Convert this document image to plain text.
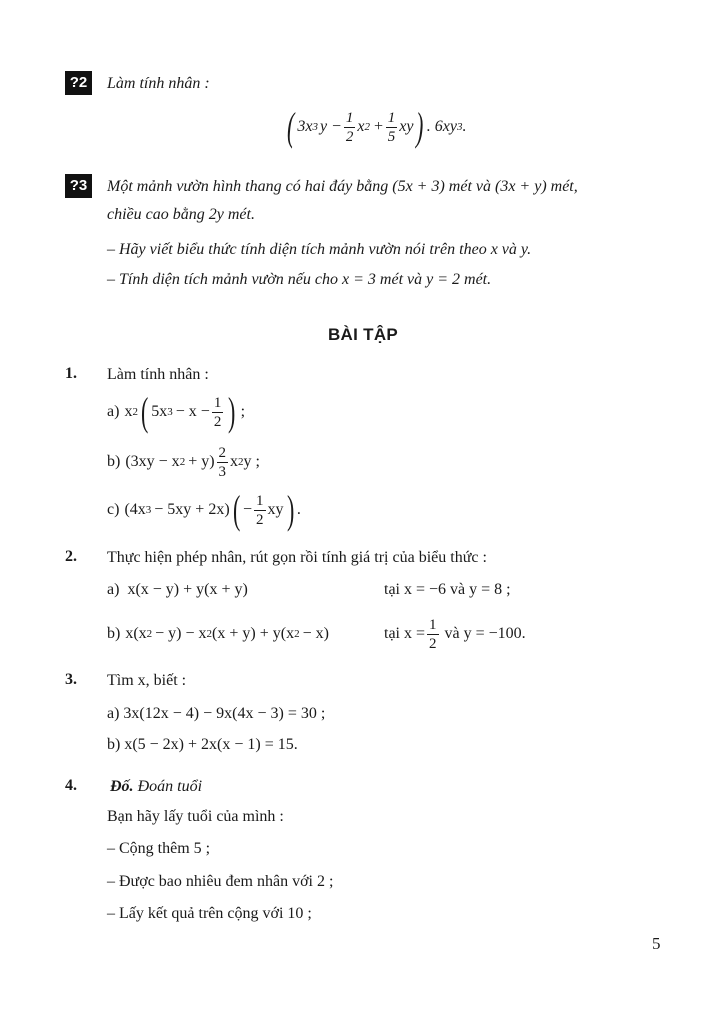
?2 Làm tính nhân :
( 3x 3 $y - \frac{1}{2}$ x $2 + \frac{1}{5}$ xy ) . 6xy 3 .
?3 Một mảnh vườn hình thang có hai đáy bằng (5x + 3) mét và (3x + y) mét,
chiều cao bằng 2y mét.
– Hãy viết biểu thức tính diện tích mảnh vườn nói trên theo x và y.
– Tính diện tích mảnh vườn nếu cho x = 3 mét và y = 2 mét.
BÀI TẬP
1. Làm tính nhân :
a) x 2 ( 5x $3 - x - \frac{1}{2}$ ) ;
b) (3xy − x $2 + y) \frac{2}{3}$ x 2 y ;
c) (4x 3 − 5xy + 2x) ( − $\frac{1}{2}$ xy ) .
2. Thực hiện phép nhân, rút gọn rồi tính giá trị của biểu thức :
a) x(x − y) + y(x + y)	tại x = −6 và y = 8 ;
b) x(x 2 − y) − x 2 (x + y) + y(x 2 − x)	tại $x = \frac{1}{2}$ và y = −100.
3. Tìm x, biết :
a) 3x(12x − 4) − 9x(4x − 3) = 30 ;
b) x(5 − 2x) + 2x(x − 1) = 15.
4. Đố. Đoán tuổi
Bạn hãy lấy tuổi của mình :
– Cộng thêm 5 ;
– Được bao nhiêu đem nhân với 2 ;
– Lấy kết quả trên cộng với 10 ;
5
